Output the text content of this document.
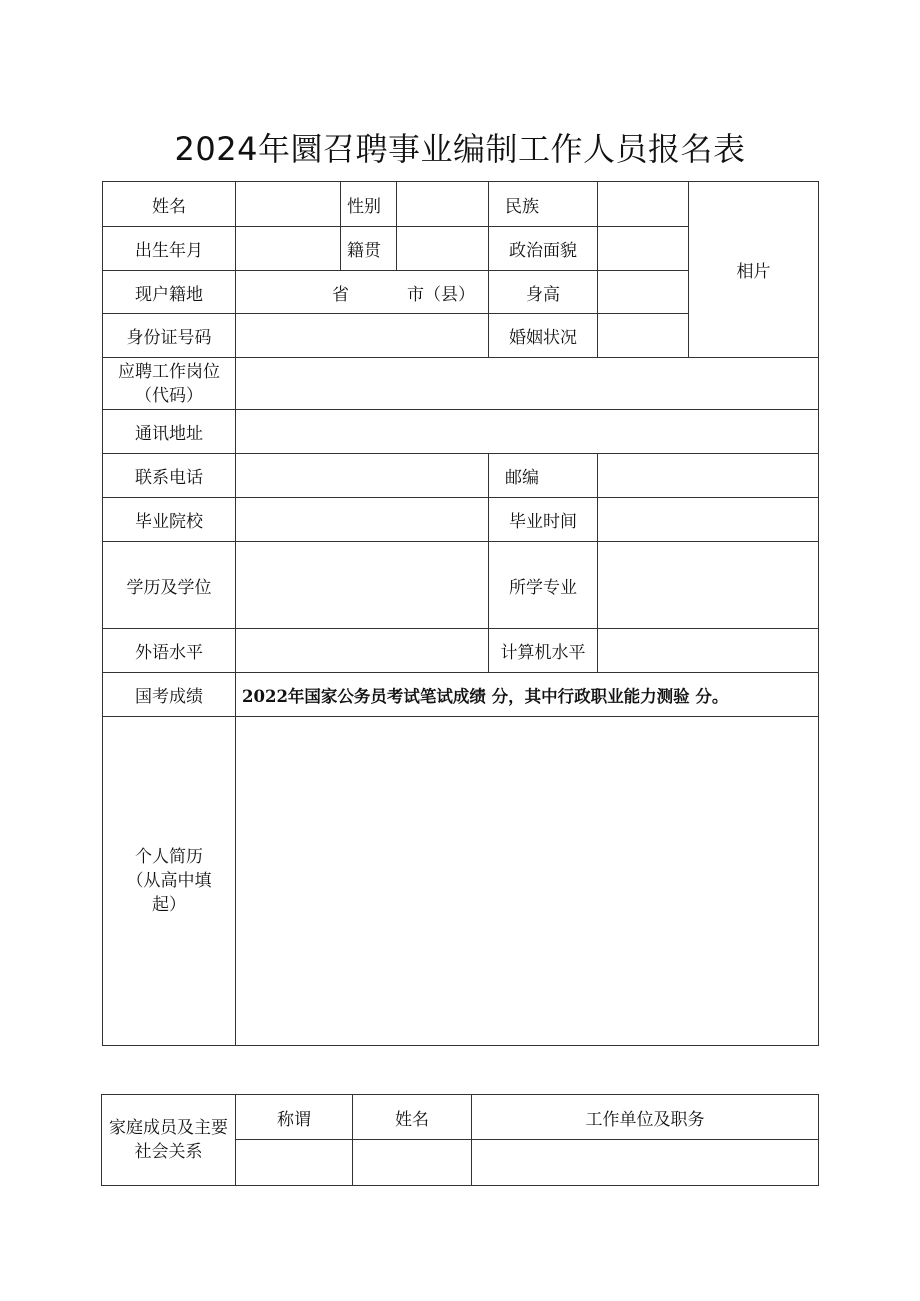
2024年圜召聘事业编制工作人员报名表
姓名		性别		民族		相片
出生年月		籍贯		政治面貌		
现户籍地	省 市（县）			身高		
身份证号码				婚姻状况		

应聘工作岗位
（代码）						

通讯地址						
联系电话				邮编		
毕业院校				毕业时间		
学历及学位				所学专业		
外语水平				计算机水平		
国考成绩	2022年国家公务员考试笔试成绩 分，其中行政职业能力测验 分。					

个人简历
（从高中填
起）						

家庭成员及主要
社会关系	称谓	姓名	工作单位及职务
